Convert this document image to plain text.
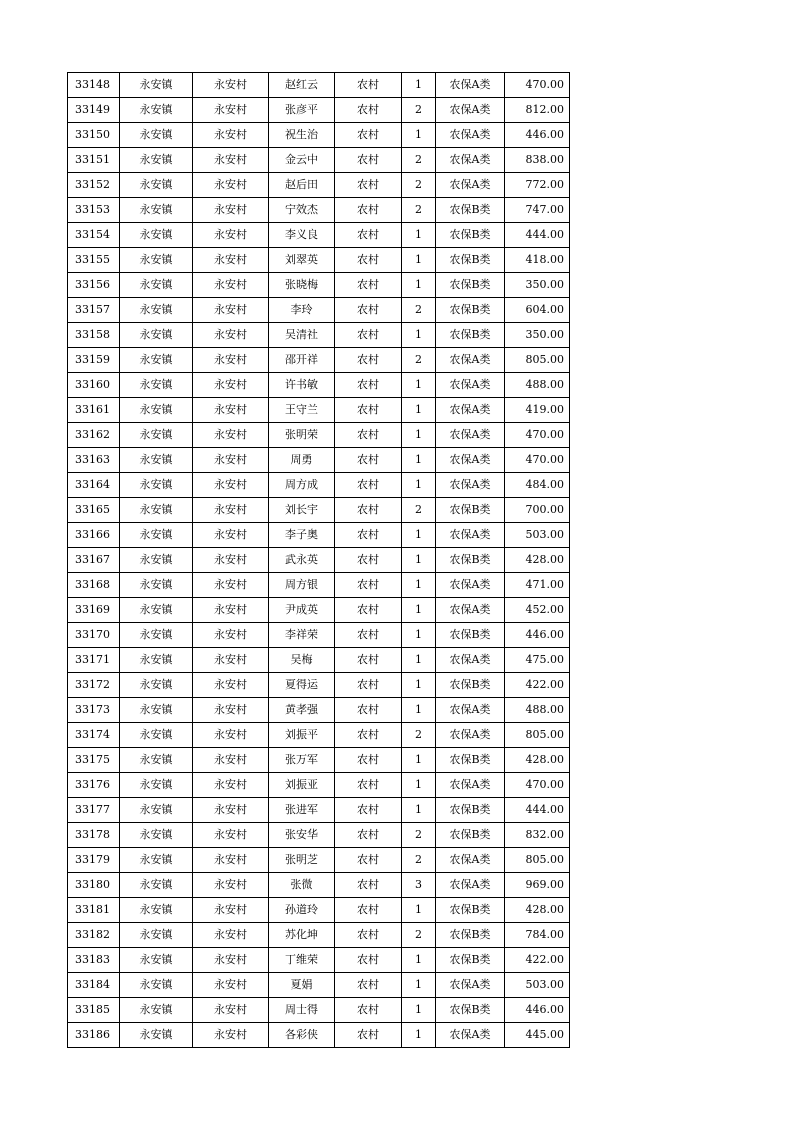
33148	永安镇	永安村	赵红云	农村	1	农保A类	470.00
33149	永安镇	永安村	张彦平	农村	2	农保A类	812.00
33150	永安镇	永安村	祝生治	农村	1	农保A类	446.00
33151	永安镇	永安村	金云中	农村	2	农保A类	838.00
33152	永安镇	永安村	赵后田	农村	2	农保A类	772.00
33153	永安镇	永安村	宁效杰	农村	2	农保B类	747.00
33154	永安镇	永安村	李义良	农村	1	农保B类	444.00
33155	永安镇	永安村	刘翠英	农村	1	农保B类	418.00
33156	永安镇	永安村	张晓梅	农村	1	农保B类	350.00
33157	永安镇	永安村	李玲	农村	2	农保B类	604.00
33158	永安镇	永安村	吴清社	农村	1	农保B类	350.00
33159	永安镇	永安村	邵开祥	农村	2	农保A类	805.00
33160	永安镇	永安村	许书敏	农村	1	农保A类	488.00
33161	永安镇	永安村	王守兰	农村	1	农保A类	419.00
33162	永安镇	永安村	张明荣	农村	1	农保A类	470.00
33163	永安镇	永安村	周勇	农村	1	农保A类	470.00
33164	永安镇	永安村	周方成	农村	1	农保A类	484.00
33165	永安镇	永安村	刘长宇	农村	2	农保B类	700.00
33166	永安镇	永安村	李子奥	农村	1	农保A类	503.00
33167	永安镇	永安村	武永英	农村	1	农保B类	428.00
33168	永安镇	永安村	周方银	农村	1	农保A类	471.00
33169	永安镇	永安村	尹成英	农村	1	农保A类	452.00
33170	永安镇	永安村	李祥荣	农村	1	农保B类	446.00
33171	永安镇	永安村	吴梅	农村	1	农保A类	475.00
33172	永安镇	永安村	夏得运	农村	1	农保B类	422.00
33173	永安镇	永安村	黄孝强	农村	1	农保A类	488.00
33174	永安镇	永安村	刘振平	农村	2	农保A类	805.00
33175	永安镇	永安村	张万军	农村	1	农保B类	428.00
33176	永安镇	永安村	刘振亚	农村	1	农保A类	470.00
33177	永安镇	永安村	张进军	农村	1	农保B类	444.00
33178	永安镇	永安村	张安华	农村	2	农保B类	832.00
33179	永安镇	永安村	张明芝	农村	2	农保A类	805.00
33180	永安镇	永安村	张微	农村	3	农保A类	969.00
33181	永安镇	永安村	孙道玲	农村	1	农保B类	428.00
33182	永安镇	永安村	苏化坤	农村	2	农保B类	784.00
33183	永安镇	永安村	丁维荣	农村	1	农保B类	422.00
33184	永安镇	永安村	夏娟	农村	1	农保A类	503.00
33185	永安镇	永安村	周士得	农村	1	农保B类	446.00
33186	永安镇	永安村	各彩侠	农村	1	农保A类	445.00
